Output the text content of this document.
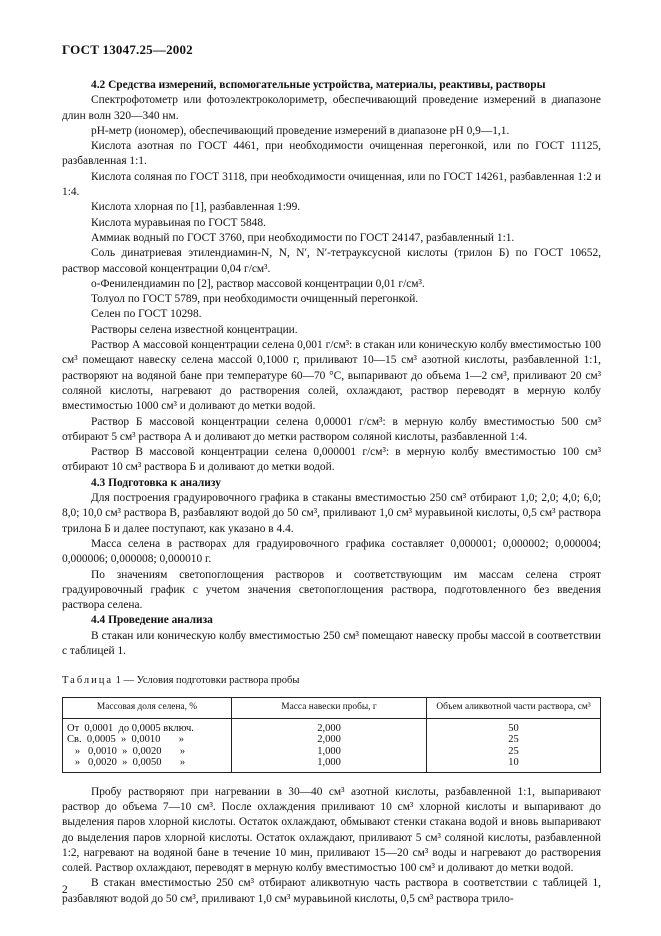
ГОСТ 13047.25—2002
4.2 Средства измерений, вспомогательные устройства, материалы, реактивы, растворы

Спектрофотометр или фотоэлектроколориметр, обеспечивающий проведение измерений в диапазоне длин волн 320—340 нм.

рН-метр (иономер), обеспечивающий проведение измерений в диапазоне рН 0,9—1,1.

Кислота азотная по ГОСТ 4461, при необходимости очищенная перегонкой, или по ГОСТ 11125, разбавленная 1:1.

Кислота соляная по ГОСТ 3118, при необходимости очищенная, или по ГОСТ 14261, разбавленная 1:2 и 1:4.

Кислота хлорная по [1], разбавленная 1:99.

Кислота муравьиная по ГОСТ 5848.

Аммиак водный по ГОСТ 3760, при необходимости по ГОСТ 24147, разбавленный 1:1.

Соль динатриевая этилендиамин-N, N, N′, N′-тетрауксусной кислоты (трилон Б) по ГОСТ 10652, раствор массовой концентрации 0,04 г/см³.

o-Фенилендиамин по [2], раствор массовой концентрации 0,01 г/см³.

Толуол по ГОСТ 5789, при необходимости очищенный перегонкой.

Селен по ГОСТ 10298.

Растворы селена известной концентрации.

Раствор А массовой концентрации селена 0,001 г/см³: в стакан или коническую колбу вместимостью 100 см³ помещают навеску селена массой 0,1000 г, приливают 10—15 см³ азотной кислоты, разбавленной 1:1, растворяют на водяной бане при температуре 60—70 °С, выпаривают до объема 1—2 см³, приливают 20 см³ соляной кислоты, нагревают до растворения солей, охлаждают, раствор переводят в мерную колбу вместимостью 1000 см³ и доливают до метки водой.

Раствор Б массовой концентрации селена 0,00001 г/см³: в мерную колбу вместимостью 500 см³ отбирают 5 см³ раствора А и доливают до метки раствором соляной кислоты, разбавленной 1:4.

Раствор В массовой концентрации селена 0,000001 г/см³: в мерную колбу вместимостью 100 см³ отбирают 10 см³ раствора Б и доливают до метки водой.

4.3 Подготовка к анализу

Для построения градуировочного графика в стаканы вместимостью 250 см³ отбирают 1,0; 2,0; 4,0; 6,0; 8,0; 10,0 см³ раствора В, разбавляют водой до 50 см³, приливают 1,0 см³ муравьиной кислоты, 0,5 см³ раствора трилона Б и далее поступают, как указано в 4.4.

Масса селена в растворах для градуировочного графика составляет 0,000001; 0,000002; 0,000004; 0,000006; 0,000008; 0,000010 г.

По значениям светопоглощения растворов и соответствующим им массам селена строят градуировочный график с учетом значения светопоглощения раствора, подготовленного без введения раствора селена.

4.4 Проведение анализа

В стакан или коническую колбу вместимостью 250 см³ помещают навеску пробы массой в соответствии с таблицей 1.

Таблица 1 — Условия подготовки раствора пробы

Массовая доля селена, %	Масса навески пробы, г	Объем аликвотной части раствора, см³
От  0,0001  до 0,0005 включ.	2,000	50
Св.  0,0005  »  0,0010       »	2,000	25
»   0,0010  »  0,0020       »	1,000	25
»   0,0020  »  0,0050       »	1,000	10

Пробу растворяют при нагревании в 30—40 см³ азотной кислоты, разбавленной 1:1, выпаривают раствор до объема 7—10 см³. После охлаждения приливают 10 см³ хлорной кислоты и выпаривают до выделения паров хлорной кислоты. Остаток охлаждают, обмывают стенки стакана водой и вновь выпаривают до выделения паров хлорной кислоты. Остаток охлаждают, приливают 5 см³ соляной кислоты, разбавленной 1:2, нагревают на водяной бане в течение 10 мин, приливают 15—20 см³ воды и нагревают до растворения солей. Раствор охлаждают, переводят в мерную колбу вместимостью 100 см³ и доливают до метки водой.

В стакан вместимостью 250 см³ отбирают аликвотную часть раствора в соответствии с таблицей 1, разбавляют водой до 50 см³, приливают 1,0 см³ муравьиной кислоты, 0,5 см³ раствора трило-

2
